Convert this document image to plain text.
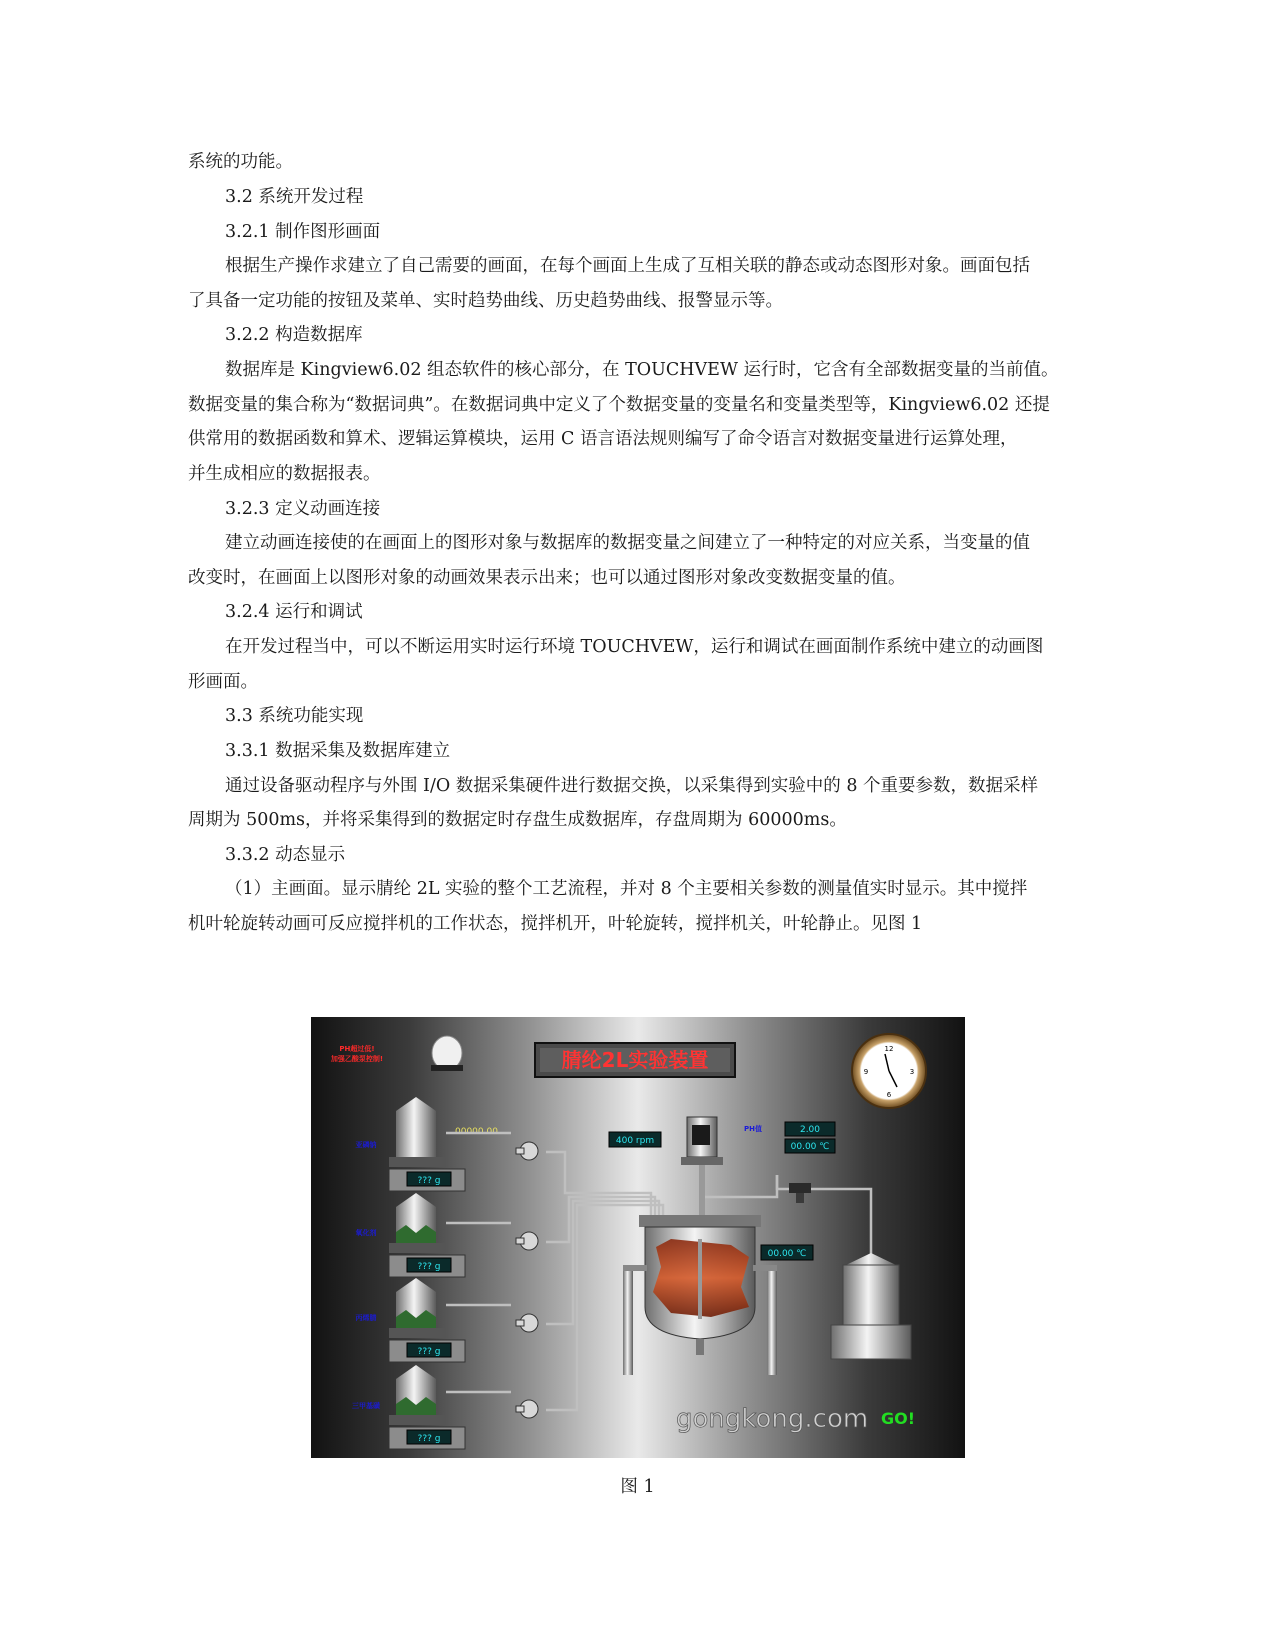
系统的功能。
3.2 系统开发过程
3.2.1 制作图形画面
根据生产操作求建立了自己需要的画面，在每个画面上生成了互相关联的静态或动态图形对象。画面包括
了具备一定功能的按钮及菜单、实时趋势曲线、历史趋势曲线、报警显示等。
3.2.2 构造数据库
数据库是 Kingview6.02 组态软件的核心部分，在 TOUCHVEW 运行时，它含有全部数据变量的当前值。
数据变量的集合称为“数据词典”。在数据词典中定义了个数据变量的变量名和变量类型等，Kingview6.02 还提
供常用的数据函数和算术、逻辑运算模块，运用 C 语言语法规则编写了命令语言对数据变量进行运算处理，
并生成相应的数据报表。
3.2.3 定义动画连接
建立动画连接使的在画面上的图形对象与数据库的数据变量之间建立了一种特定的对应关系，当变量的值
改变时，在画面上以图形对象的动画效果表示出来；也可以通过图形对象改变数据变量的值。
3.2.4 运行和调试
在开发过程当中，可以不断运用实时运行环境 TOUCHVEW，运行和调试在画面制作系统中建立的动画图
形画面。
3.3 系统功能实现
3.3.1 数据采集及数据库建立
通过设备驱动程序与外围 I/O 数据采集硬件进行数据交换，以采集得到实验中的 8 个重要参数，数据采样
周期为 500ms，并将采集得到的数据定时存盘生成数据库，存盘周期为 60000ms。
3.3.2 动态显示
（1）主画面。显示腈纶 2L 实验的整个工艺流程，并对 8 个主要相关参数的测量值实时显示。其中搅拌
机叶轮旋转动画可反应搅拌机的工作状态，搅拌机开，叶轮旋转，搅拌机关，叶轮静止。见图 1
PH超过低!
加强乙酸泵控制!	腈纶2L实验装置	12
3
6
9
00000.00
??? g
亚磷钠
??? g
氧化剂
??? g
丙烯腈
??? g
三甲基磺
400 rpm
00.00 ℃
PH值	2.00
00.00 ℃
gongkong.com GO!
图 1
